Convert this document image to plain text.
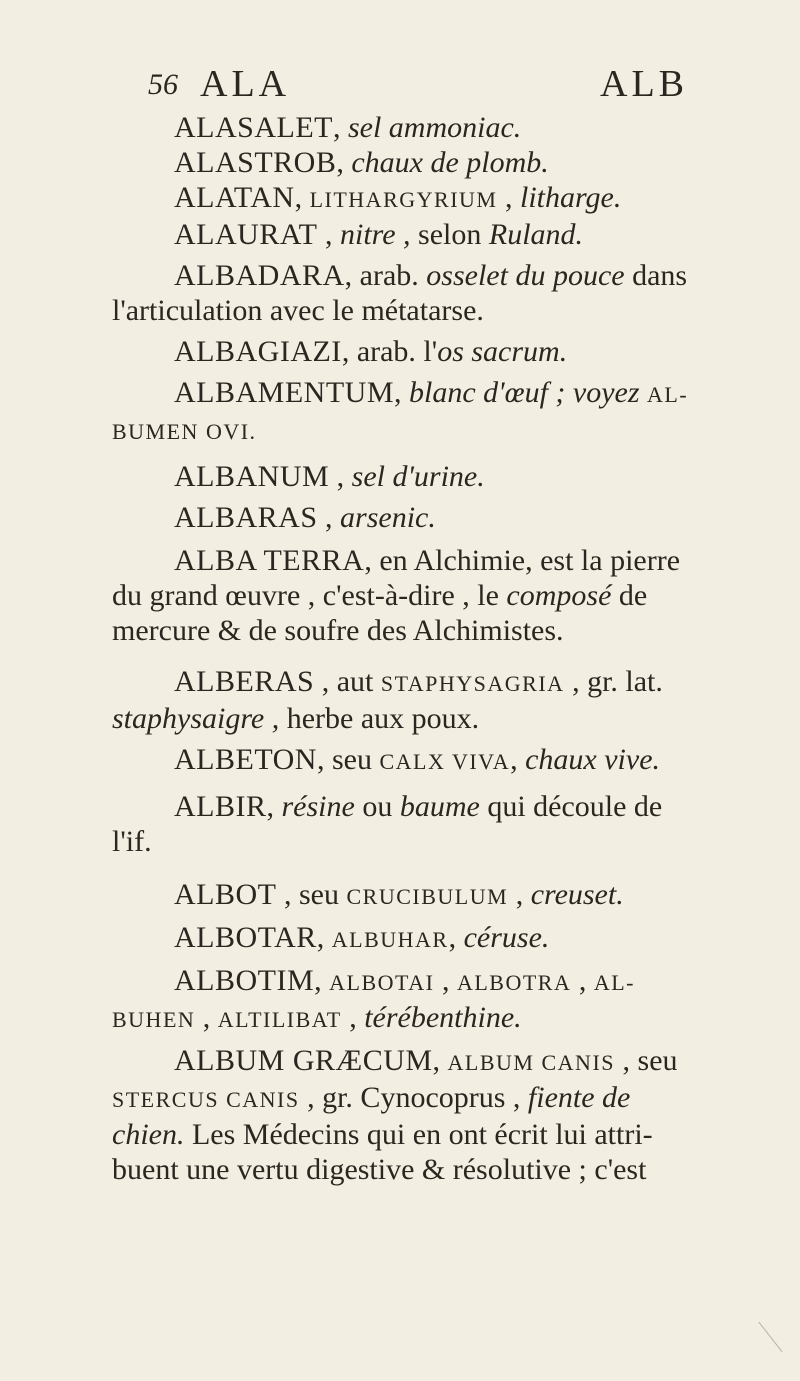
56 ALA	ALB
ALASALET, sel ammoniac.
ALASTROB, chaux de plomb.
ALATAN, LITHARGYRIUM , litharge.
ALAURAT , nitre , selon Ruland.
ALBADARA, arab. osselet du pouce dans
l'articulation avec le métatarse.
ALBAGIAZI, arab. l'os sacrum.
ALBAMENTUM, blanc d'œuf ; voyez AL-
BUMEN OVI.
ALBANUM , sel d'urine.
ALBARAS , arsenic.
ALBA TERRA, en Alchimie, est la pierre
du grand œuvre , c'est-à-dire , le composé de
mercure & de soufre des Alchimistes.
ALBERAS , aut STAPHYSAGRIA , gr. lat.
staphysaigre , herbe aux poux.
ALBETON, seu CALX VIVA, chaux vive.
ALBIR, résine ou baume qui découle de
l'if.
ALBOT , seu CRUCIBULUM , creuset.
ALBOTAR, ALBUHAR, céruse.
ALBOTIM, ALBOTAI , ALBOTRA , AL-
BUHEN , ALTILIBAT , térébenthine.
ALBUM GRÆCUM, ALBUM CANIS , seu
STERCUS CANIS , gr. Cynocoprus , fiente de
chien. Les Médecins qui en ont écrit lui attri-
buent une vertu digestive & résolutive ; c'est
